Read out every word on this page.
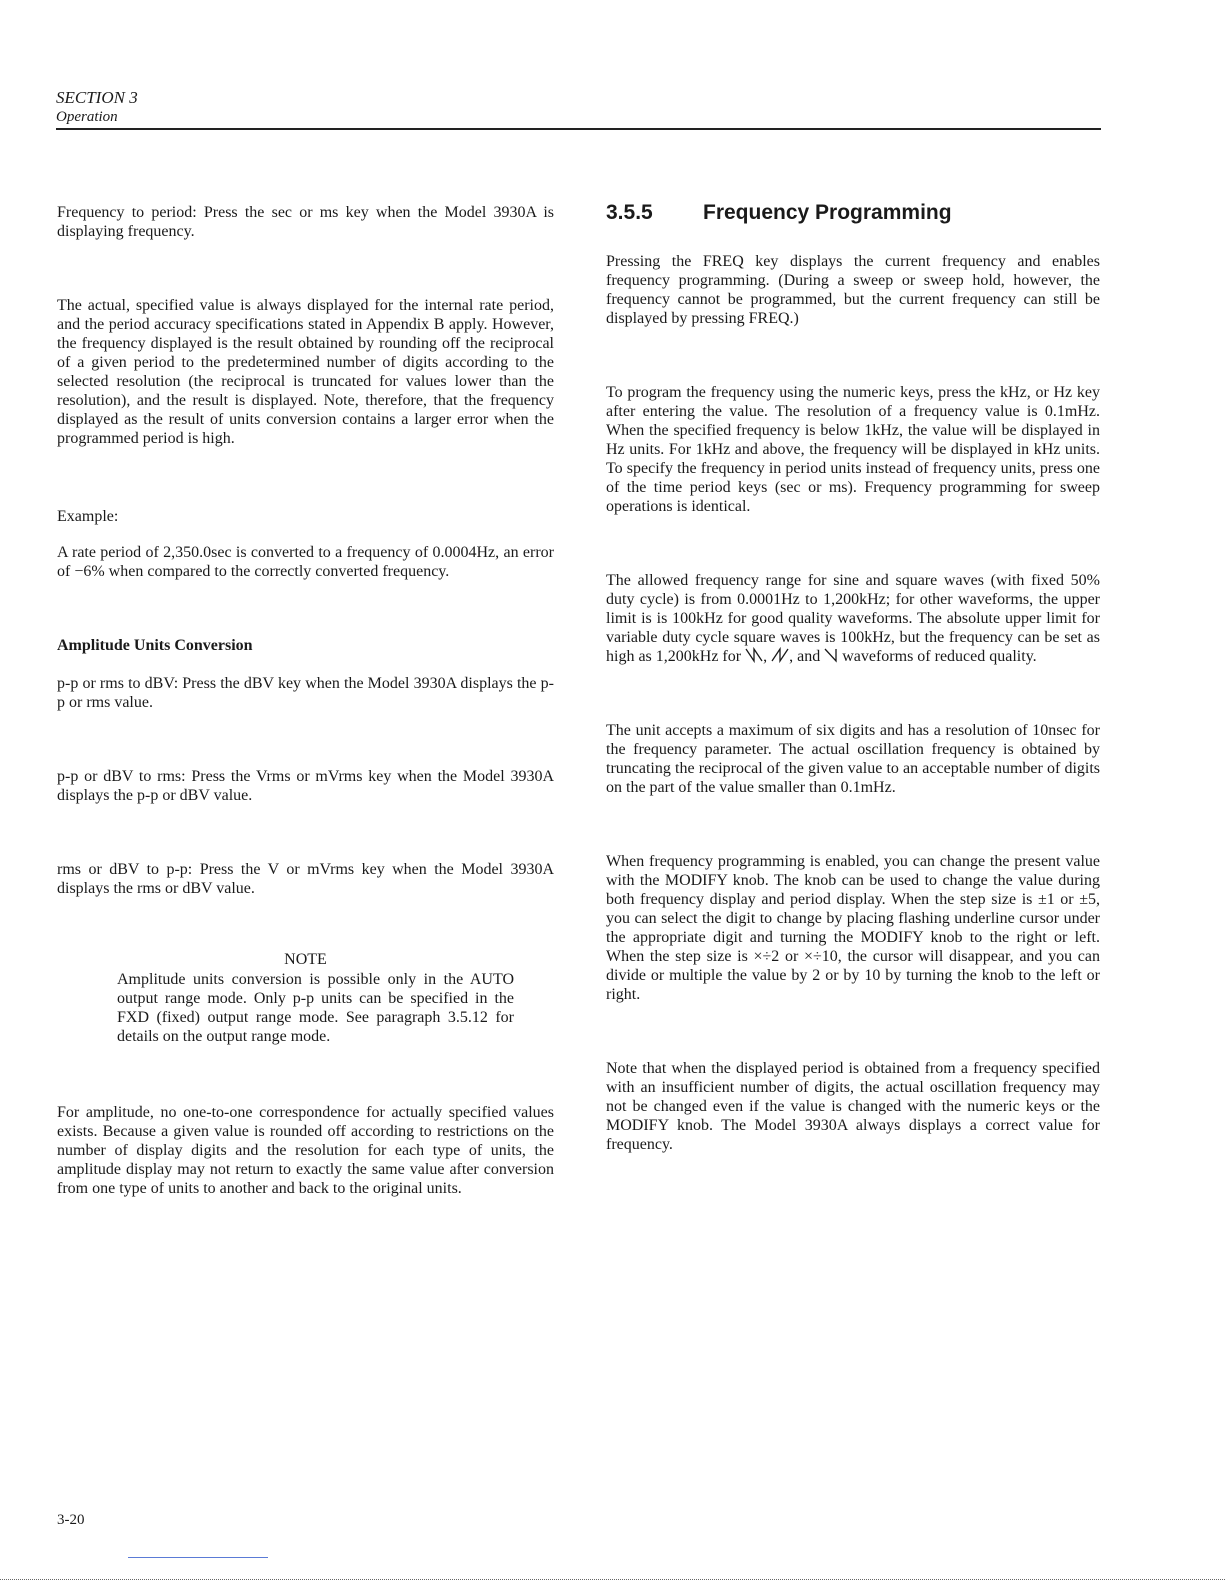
SECTION 3
Operation

Frequency to period: Press the sec or ms key when the Model 3930A is displaying frequency.

The actual, specified value is always displayed for the internal rate period, and the period accuracy specifications stated in Appendix B apply. However, the frequency displayed is the result obtained by rounding off the reciprocal of a given period to the predetermined number of digits according to the selected resolution (the reciprocal is truncated for values lower than the resolution), and the result is displayed. Note, therefore, that the frequency displayed as the result of units conversion contains a larger error when the programmed period is high.

Example:

A rate period of 2,350.0sec is converted to a frequency of 0.0004Hz, an error of −6% when compared to the correctly converted frequency.

Amplitude Units Conversion

p-p or rms to dBV: Press the dBV key when the Model 3930A displays the p-p or rms value.

p-p or dBV to rms: Press the Vrms or mVrms key when the Model 3930A displays the p-p or dBV value.

rms or dBV to p-p: Press the V or mVrms key when the Model 3930A displays the rms or dBV value.

NOTE

Amplitude units conversion is possible only in the AUTO output range mode. Only p-p units can be specified in the FXD (fixed) output range mode. See paragraph 3.5.12 for details on the output range mode.

For amplitude, no one-to-one correspondence for actually specified values exists. Because a given value is rounded off according to restrictions on the number of display digits and the resolution for each type of units, the amplitude display may not return to exactly the same value after conversion from one type of units to another and back to the original units.

3.5.5 Frequency Programming

Pressing the FREQ key displays the current frequency and enables frequency programming. (During a sweep or sweep hold, however, the frequency cannot be programmed, but the current frequency can still be displayed by pressing FREQ.)

To program the frequency using the numeric keys, press the kHz, or Hz key after entering the value. The resolution of a frequency value is 0.1mHz. When the specified frequency is below 1kHz, the value will be displayed in Hz units. For 1kHz and above, the frequency will be displayed in kHz units. To specify the frequency in period units instead of frequency units, press one of the time period keys (sec or ms). Frequency programming for sweep operations is identical.

The allowed frequency range for sine and square waves (with fixed 50% duty cycle) is from 0.0001Hz to 1,200kHz; for other waveforms, the upper limit is is 100kHz for good quality waveforms. The absolute upper limit for variable duty cycle square waves is 100kHz, but the frequency can be set as high as 1,200kHz for , , and waveforms of reduced quality.

The unit accepts a maximum of six digits and has a resolution of 10nsec for the frequency parameter. The actual oscillation frequency is obtained by truncating the reciprocal of the given value to an acceptable number of digits on the part of the value smaller than 0.1mHz.

When frequency programming is enabled, you can change the present value with the MODIFY knob. The knob can be used to change the value during both frequency display and period display. When the step size is ±1 or ±5, you can select the digit to change by placing flashing underline cursor under the appropriate digit and turning the MODIFY knob to the right or left. When the step size is ×÷2 or ×÷10, the cursor will disappear, and you can divide or multiple the value by 2 or by 10 by turning the knob to the left or right.

Note that when the displayed period is obtained from a frequency specified with an insufficient number of digits, the actual oscillation frequency may not be changed even if the value is changed with the numeric keys or the MODIFY knob. The Model 3930A always displays a correct value for frequency.

3-20
